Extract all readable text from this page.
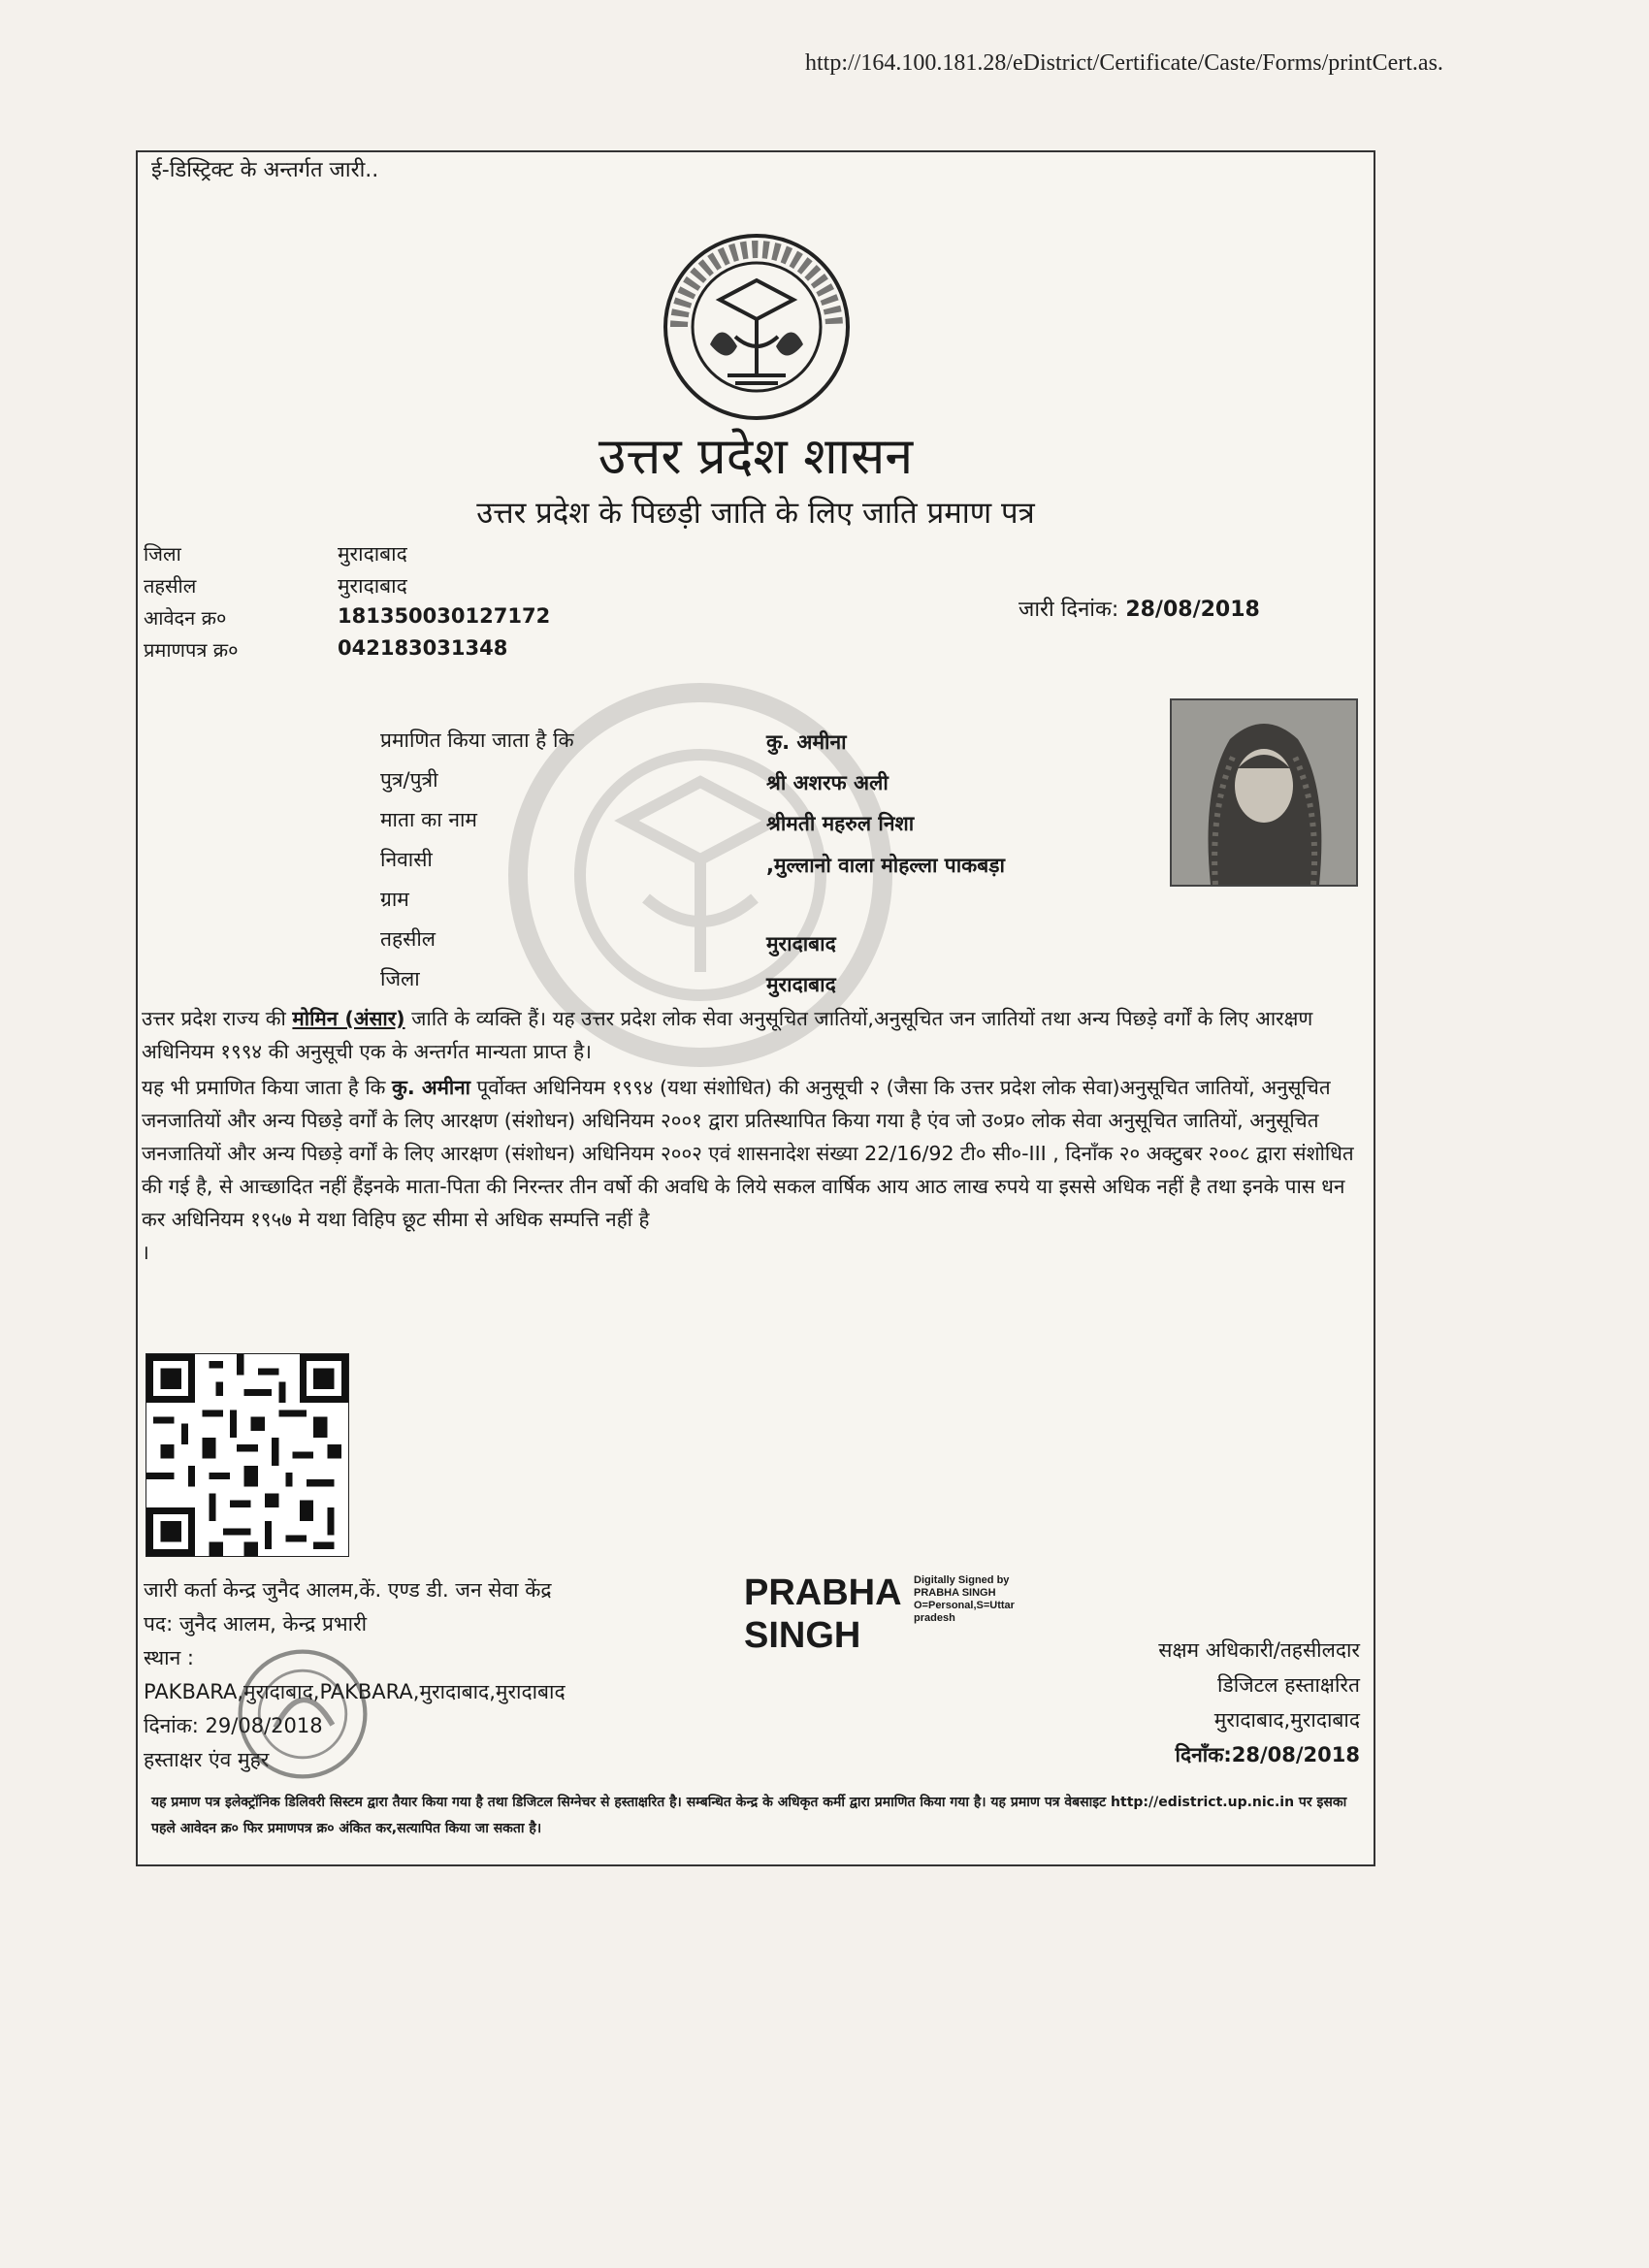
http://164.100.181.28/eDistrict/Certificate/Caste/Forms/printCert.as.
ई-डिस्ट्रिक्ट के अन्तर्गत जारी..
उत्तर प्रदेश शासन
उत्तर प्रदेश के पिछड़ी जाति के लिए जाति प्रमाण पत्र
जिला	मुरादाबाद
तहसील	मुरादाबाद
आवेदन क्र०	181350030127172
प्रमाणपत्र क्र०	042183031348
जारी दिनांक: 28/08/2018
प्रमाणित किया जाता है कि	कु. अमीना
पुत्र/पुत्री	श्री अशरफ अली
माता का नाम	श्रीमती महरुल निशा
निवासी	,मुल्लानो वाला मोहल्ला पाकबड़ा
ग्राम
तहसील	मुरादाबाद
जिला	मुरादाबाद
उत्तर प्रदेश राज्य की मोमिन (अंसार) जाति के व्यक्ति हैं। यह उत्तर प्रदेश लोक सेवा अनुसूचित जातियों,अनुसूचित जन जातियों तथा अन्य पिछड़े वर्गों के लिए आरक्षण अधिनियम १९९४ की अनुसूची एक के अन्तर्गत मान्यता प्राप्त है।
यह भी प्रमाणित किया जाता है कि कु. अमीना पूर्वोक्त अधिनियम १९९४ (यथा संशोधित) की अनुसूची २ (जैसा कि उत्तर प्रदेश लोक सेवा)अनुसूचित जातियों, अनुसूचित जनजातियों और अन्य पिछड़े वर्गों के लिए आरक्षण (संशोधन) अधिनियम २००१ द्वारा प्रतिस्थापित किया गया है एंव जो उ०प्र० लोक सेवा अनुसूचित जातियों, अनुसूचित जनजातियों और अन्य पिछड़े वर्गों के लिए आरक्षण (संशोधन) अधिनियम २००२ एवं शासनादेश संख्या 22/16/92 टी० सी०-III , दिनाँक २० अक्टुबर २००८ द्वारा संशोधित की गई है, से आच्छादित नहीं हैंइनके माता-पिता की निरन्तर तीन वर्षो की अवधि के लिये सकल वार्षिक आय आठ लाख रुपये या इससे अधिक नहीं है तथा इनके पास धन कर अधिनियम १९५७ मे यथा विहिप छूट सीमा से अधिक सम्पत्ति नहीं है
।
जारी कर्ता केन्द्र जुनैद आलम,कें. एण्ड डी. जन सेवा केंद्र
पद: जुनैद आलम, केन्द्र प्रभारी
स्थान :
PAKBARA,मुरादाबाद,PAKBARA,मुरादाबाद,मुरादाबाद
दिनांक: 29/08/2018
हस्ताक्षर एंव मुहर
PRABHA
SINGH
Digitally Signed by
PRABHA SINGH
O=Personal,S=Uttar
pradesh
सक्षम अधिकारी/तहसीलदार
डिजिटल हस्ताक्षरित
मुरादाबाद,मुरादाबाद
दिनाँक:28/08/2018
यह प्रमाण पत्र इलेक्ट्रॉनिक डिलिवरी सिस्टम द्वारा तैयार किया गया है तथा डिजिटल सिग्नेचर से हस्ताक्षरित है। सम्बन्धित केन्द्र के अधिकृत कर्मी द्वारा प्रमाणित किया गया है। यह प्रमाण पत्र वेबसाइट http://edistrict.up.nic.in पर इसका पहले आवेदन क्र० फिर प्रमाणपत्र क्र० अंकित कर,सत्यापित किया जा सकता है।
